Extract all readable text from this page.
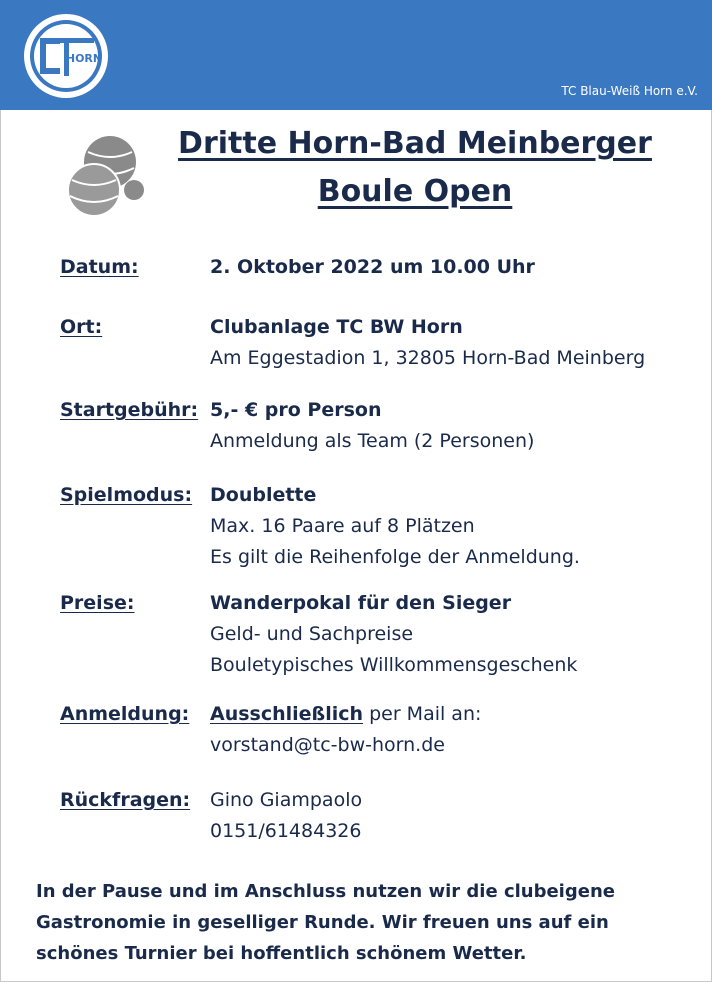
HORN
TC Blau-Weiß Horn e.V.
Dritte Horn-Bad Meinberger
Boule Open
Datum:	2. Oktober 2022 um 10.00 Uhr
Ort:	Clubanlage TC BW Horn
Am Eggestadion 1, 32805 Horn-Bad Meinberg
Startgebühr: 5,- € pro Person
Anmeldung als Team (2 Personen)
Spielmodus: Doublette
Max. 16 Paare auf 8 Plätzen
Es gilt die Reihenfolge der Anmeldung.
Preise:	Wanderpokal für den Sieger
Geld- und Sachpreise
Bouletypisches Willkommensgeschenk
Anmeldung: Ausschließlich per Mail an:
vorstand@tc-bw-horn.de
Rückfragen: Gino Giampaolo
0151/61484326
In der Pause und im Anschluss nutzen wir die clubeigene
Gastronomie in geselliger Runde. Wir freuen uns auf ein
schönes Turnier bei hoffentlich schönem Wetter.
